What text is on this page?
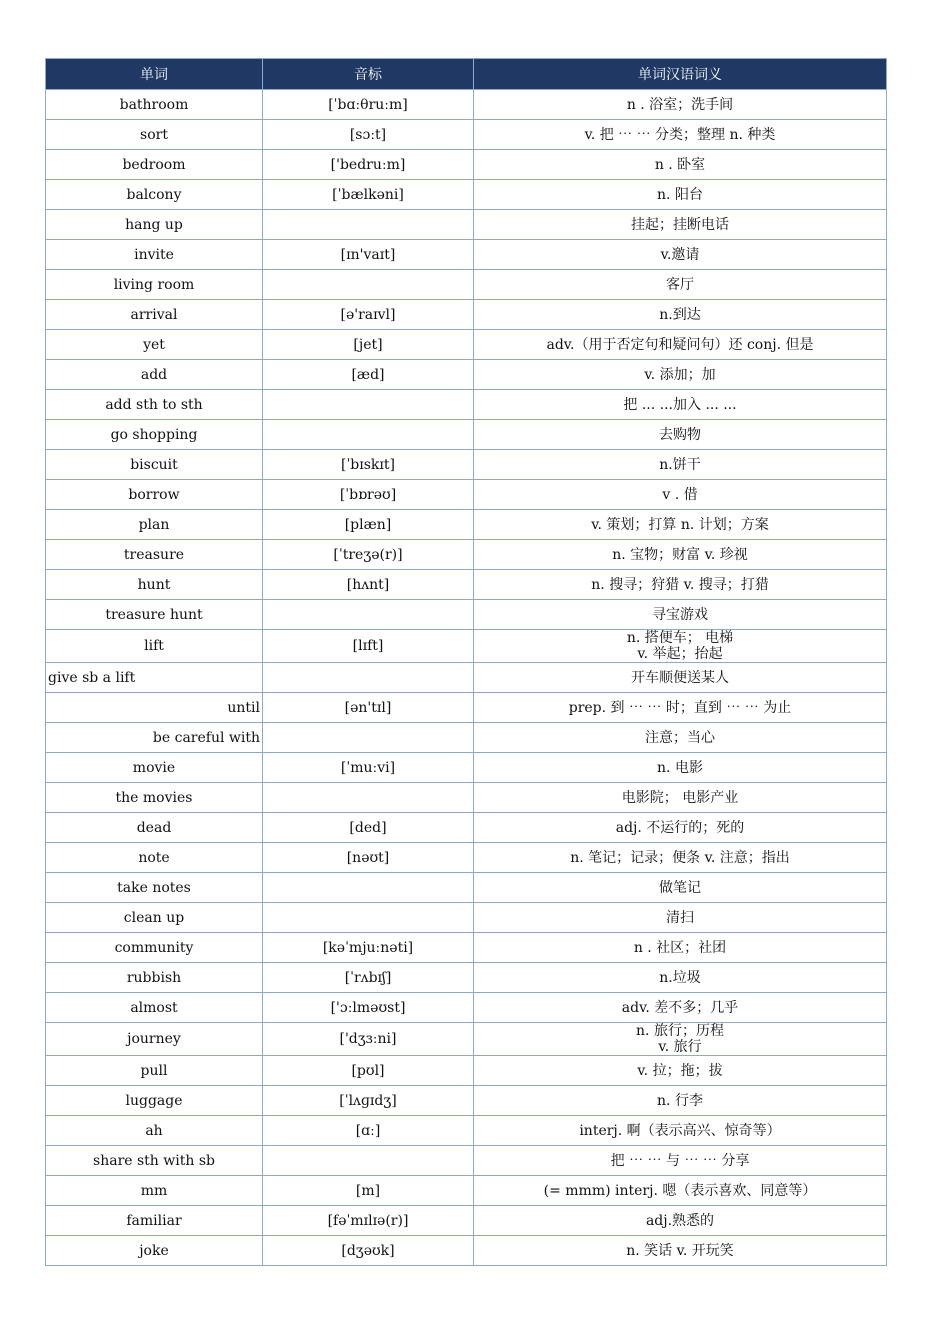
单词	音标	单词汉语词义
bathroom	[ˈbɑːθruːm]	n . 浴室；洗手间

sort	[sɔːt]	v. 把 ⋯ ⋯ 分类；整理 n. 种类

bedroom	['bedruːm]	n . 卧室

balcony	[ˈbælkəni]	n. 阳台

hang up		挂起；挂断电话

invite	[ɪn'vaɪt]	v.邀请

living room		客厅

arrival	[ə'raɪvl]	n.到达

yet	[jet]	adv.（用于否定句和疑问句）还 conj. 但是

add	[æd]	v. 添加；加

add sth to sth		把 ... ...加入 ... ...

go shopping		去购物

biscuit	[ˈbɪskɪt]	n.饼干

borrow	[ˈbɒrəʊ]	v . 借

plan	[plæn]	v. 策划；打算 n. 计划；方案

treasure	[ˈtreʒə(r)]	n. 宝物；财富 v. 珍视

hunt	[hʌnt]	n. 搜寻；狩猎 v. 搜寻；打猎

treasure hunt		寻宝游戏

lift	[lɪft]	n. 搭便车； 电梯
v. 举起；抬起

give sb a lift		开车顺便送某人

until	[ən'tɪl]	prep. 到 ⋯ ⋯ 时；直到 ⋯ ⋯ 为止

be careful with		注意；当心

movie	[ˈmuːvi]	n. 电影

the movies		电影院； 电影产业

dead	[ded]	adj. 不运行的；死的

note	[nəʊt]	n. 笔记；记录；便条 v. 注意；指出

take notes		做笔记

clean up		清扫

community	[kəˈmjuːnəti]	n . 社区；社团

rubbish	[ˈrʌbɪʃ]	n.垃圾

almost	['ɔːlməʊst]	adv. 差不多；几乎

journey	['dʒɜːni]	n. 旅行；历程
v. 旅行

pull	[pʊl]	v. 拉；拖；拔

luggage	[ˈlʌɡɪdʒ]	n. 行李

ah	[ɑː]	interj. 啊（表示高兴、惊奇等）

share sth with sb		把 ⋯ ⋯ 与 ⋯ ⋯ 分享

mm	[m]	(= mmm) interj. 嗯（表示喜欢、同意等）

familiar	[fəˈmɪlɪə(r)]	adj.熟悉的

joke	[dʒəʊk]	n. 笑话 v. 开玩笑
